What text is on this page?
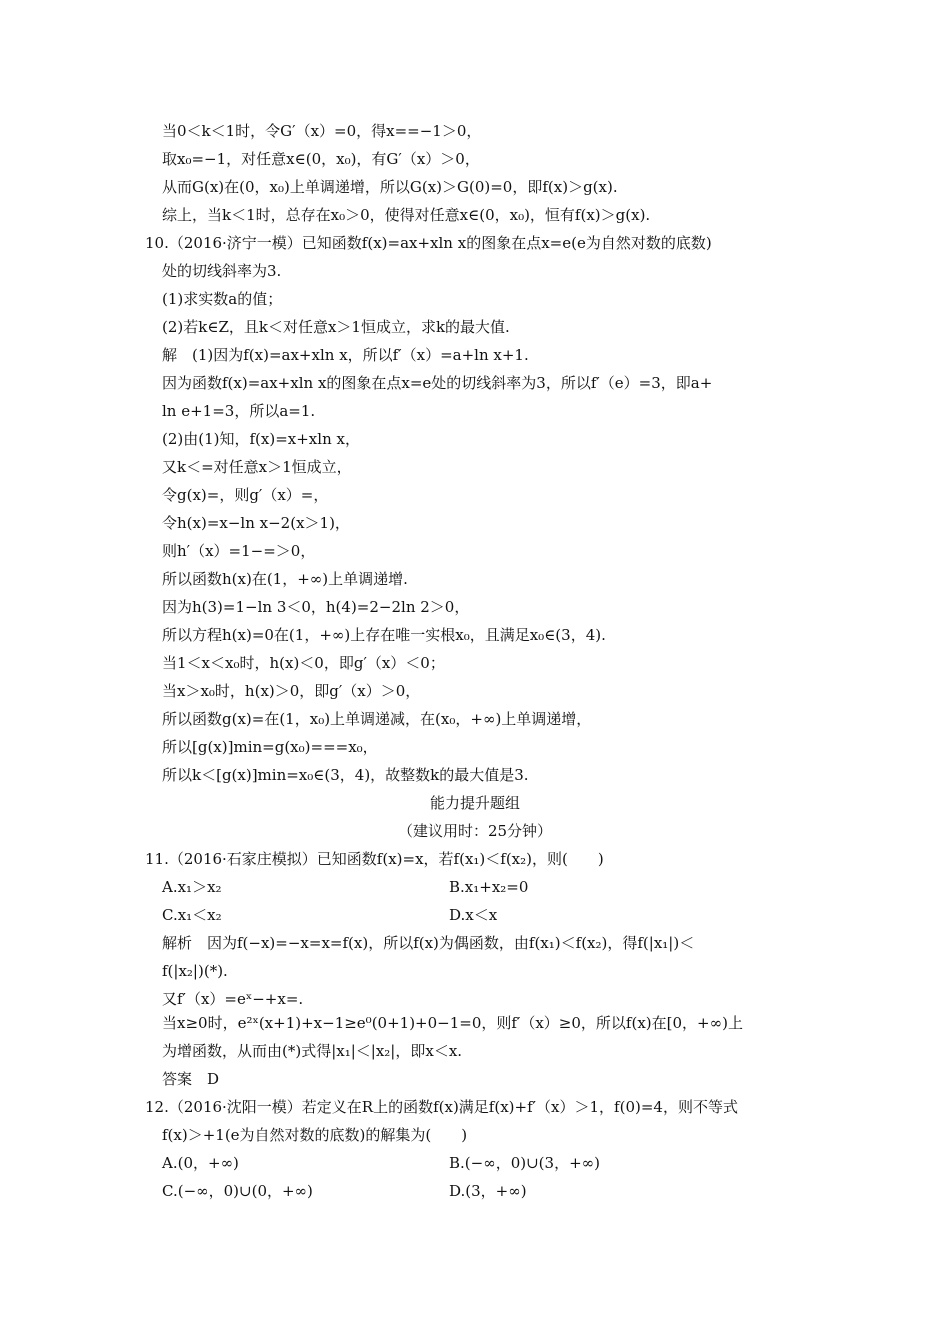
当0＜k＜1时，令G′（x）=0，得x==−1＞0，
取x₀=−1，对任意x∈(0，x₀)，有G′（x）＞0，
从而G(x)在(0，x₀)上单调递增，所以G(x)＞G(0)=0，即f(x)＞g(x).
综上，当k＜1时，总存在x₀＞0，使得对任意x∈(0，x₀)，恒有f(x)＞g(x).
10.（2016·济宁一模）已知函数f(x)=ax+xln x的图象在点x=e(e为自然对数的底数)
处的切线斜率为3.
(1)求实数a的值；
(2)若k∈Z，且k＜对任意x＞1恒成立，求k的最大值.
解　(1)因为f(x)=ax+xln x，所以f′（x）=a+ln x+1.
因为函数f(x)=ax+xln x的图象在点x=e处的切线斜率为3，所以f′（e）=3，即a+
ln e+1=3，所以a=1.
(2)由(1)知，f(x)=x+xln x，
又k＜=对任意x＞1恒成立，
令g(x)=，则g′（x）=，
令h(x)=x−ln x−2(x＞1)，
则h′（x）=1−=＞0，
所以函数h(x)在(1，+∞)上单调递增.
因为h(3)=1−ln 3＜0，h(4)=2−2ln 2＞0，
所以方程h(x)=0在(1，+∞)上存在唯一实根x₀，且满足x₀∈(3，4).
当1＜x＜x₀时，h(x)＜0，即g′（x）＜0；
当x＞x₀时，h(x)＞0，即g′（x）＞0，
所以函数g(x)=在(1，x₀)上单调递减，在(x₀，+∞)上单调递增，
所以[g(x)]min=g(x₀)===x₀，
所以k＜[g(x)]min=x₀∈(3，4)，故整数k的最大值是3.
能力提升题组
（建议用时：25分钟）
11.（2016·石家庄模拟）已知函数f(x)=x，若f(x₁)＜f(x₂)，则(　　)
A.x₁＞x₂	B.x₁+x₂=0
C.x₁＜x₂	D.x＜x
解析　因为f(−x)=−x=x=f(x)，所以f(x)为偶函数，由f(x₁)＜f(x₂)，得f(|x₁|)＜
f(|x₂|)(*).
又f′（x）=eˣ−+x=.
当x≥0时，e²ˣ(x+1)+x−1≥e⁰(0+1)+0−1=0，则f′（x）≥0，所以f(x)在[0，+∞)上
为增函数，从而由(*)式得|x₁|＜|x₂|，即x＜x.
答案　D
12.（2016·沈阳一模）若定义在R上的函数f(x)满足f(x)+f′（x）＞1，f(0)=4，则不等式
f(x)＞+1(e为自然对数的底数)的解集为(　　)
A.(0，+∞)	B.(−∞，0)∪(3，+∞)
C.(−∞，0)∪(0，+∞)	D.(3，+∞)
